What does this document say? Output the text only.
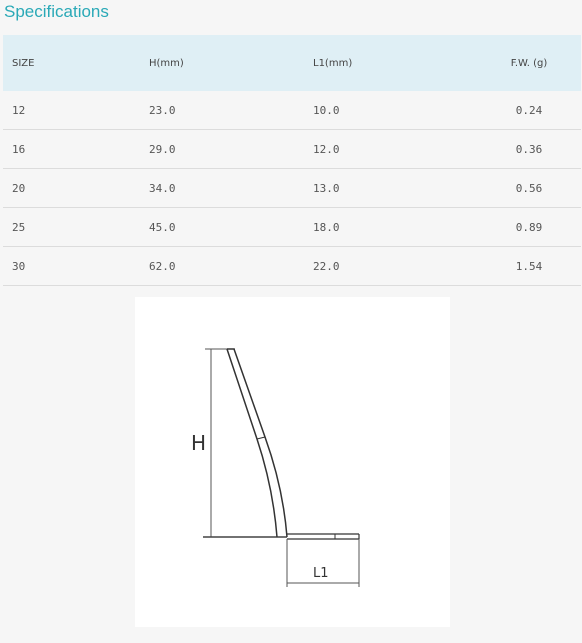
Specifications
SIZE	H(mm)	L1(mm)	F.W. (g)
12	23.0	10.0	0.24
16	29.0	12.0	0.36
20	34.0	13.0	0.56
25	45.0	18.0	0.89
30	62.0	22.0	1.54
H
L1
